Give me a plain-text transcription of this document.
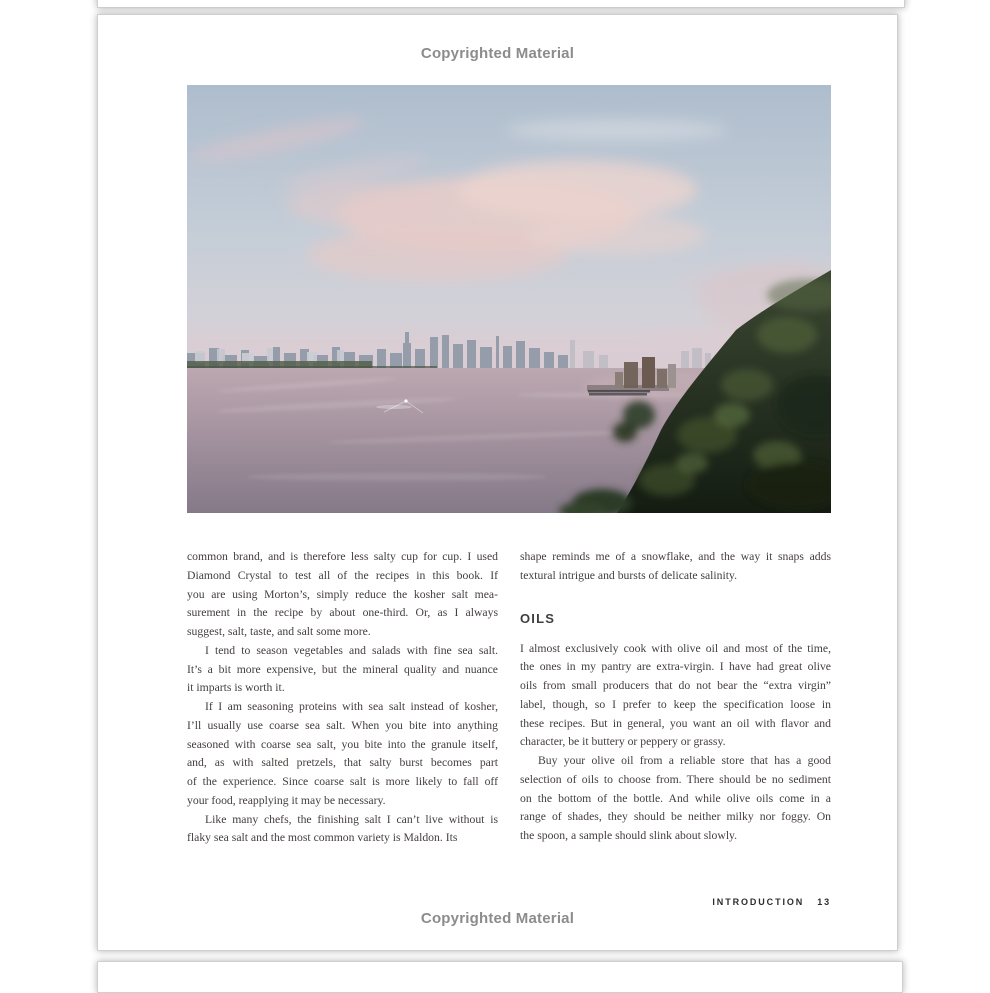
Copyrighted Material

common brand, and is therefore less salty cup for cup. I used
Diamond Crystal to test all of the recipes in this book. If
you are using Morton’s, simply reduce the kosher salt mea-
surement in the recipe by about one-third. Or, as I always
suggest, salt, taste, and salt some more.

I tend to season vegetables and salads with fine sea salt.
It’s a bit more expensive, but the mineral quality and nuance
it imparts is worth it.

If I am seasoning proteins with sea salt instead of kosher,
I’ll usually use coarse sea salt. When you bite into anything
seasoned with coarse sea salt, you bite into the granule itself,
and, as with salted pretzels, that salty burst becomes part
of the experience. Since coarse salt is more likely to fall off
your food, reapplying it may be necessary.

Like many chefs, the finishing salt I can’t live without is
flaky sea salt and the most common variety is Maldon. Its

shape reminds me of a snowflake, and the way it snaps adds
textural intrigue and bursts of delicate salinity.

OILS

I almost exclusively cook with olive oil and most of the time,
the ones in my pantry are extra-virgin. I have had great olive
oils from small producers that do not bear the “extra virgin”
label, though, so I prefer to keep the specification loose in
these recipes. But in general, you want an oil with flavor and
character, be it buttery or peppery or grassy.

Buy your olive oil from a reliable store that has a good
selection of oils to choose from. There should be no sediment
on the bottom of the bottle. And while olive oils come in a
range of shades, they should be neither milky nor foggy. On
the spoon, a sample should slink about slowly.

INTRODUCTION 13
Copyrighted Material
